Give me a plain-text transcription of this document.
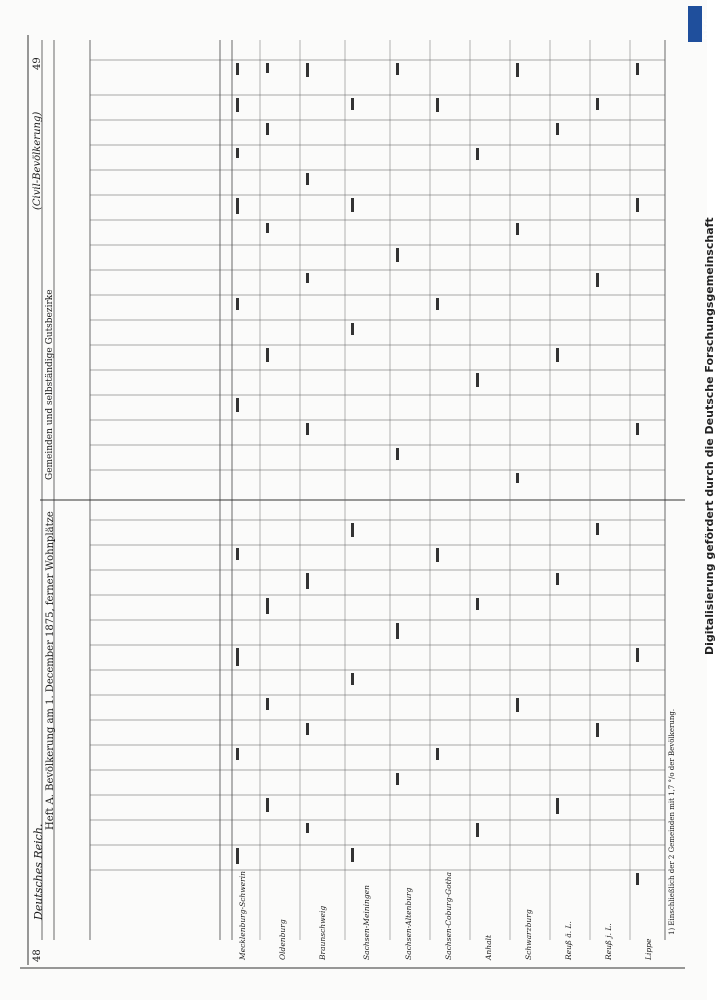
48
Deutsches Reich.
Heft A. Bevölkerung am 1. December 1875, ferner Wohnplätze
Gemeinden und selbständige Gutsbezirke
(Civil-Bevölkerung)
49
1) Einschließlich der 2 Gemeinden mit 1,7 °/o der Bevölkerung.
Mecklenburg-Schwerin	Oldenburg	Braunschweig	Sachsen-Meiningen	Sachsen-Altenburg	Sachsen-Coburg-Gotha	Anhalt	Schwarzburg	Reuß ä. L.	Reuß j. L.	Lippe
DFG
Digitalisierung gefördert durch die Deutsche Forschungsgemeinschaft
